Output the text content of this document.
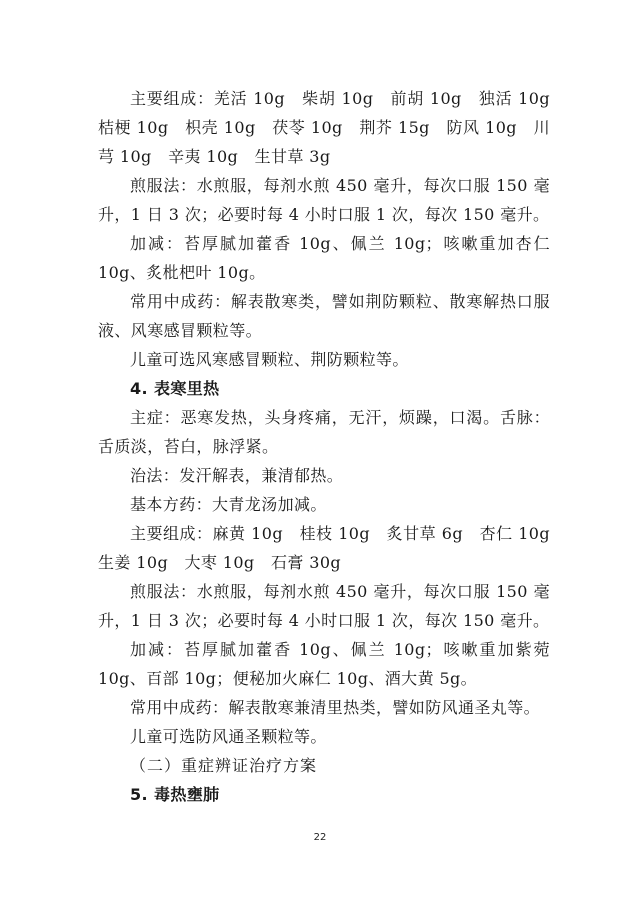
主要组成：羌活 10g　柴胡 10g　前胡 10g　独活 10g　桔梗 10g　枳壳 10g　茯苓 10g　荆芥 15g　防风 10g　川芎 10g　辛夷 10g　生甘草 3g

煎服法：水煎服，每剂水煎 450 毫升，每次口服 150 毫升，1 日 3 次；必要时每 4 小时口服 1 次，每次 150 毫升。

加减：苔厚腻加藿香 10g、佩兰 10g；咳嗽重加杏仁 10g、炙枇杷叶 10g。

常用中成药：解表散寒类，譬如荆防颗粒、散寒解热口服液、风寒感冒颗粒等。

儿童可选风寒感冒颗粒、荆防颗粒等。

4. 表寒里热

主症：恶寒发热，头身疼痛，无汗，烦躁，口渴。舌脉：舌质淡，苔白，脉浮紧。

治法：发汗解表，兼清郁热。

基本方药：大青龙汤加减。

主要组成：麻黄 10g　桂枝 10g　炙甘草 6g　杏仁 10g　生姜 10g　大枣 10g　石膏 30g

煎服法：水煎服，每剂水煎 450 毫升，每次口服 150 毫升，1 日 3 次；必要时每 4 小时口服 1 次，每次 150 毫升。

加减：苔厚腻加藿香 10g、佩兰 10g；咳嗽重加紫菀 10g、百部 10g；便秘加火麻仁 10g、酒大黄 5g。

常用中成药：解表散寒兼清里热类，譬如防风通圣丸等。

儿童可选防风通圣颗粒等。

（二）重症辨证治疗方案

5. 毒热壅肺

22
